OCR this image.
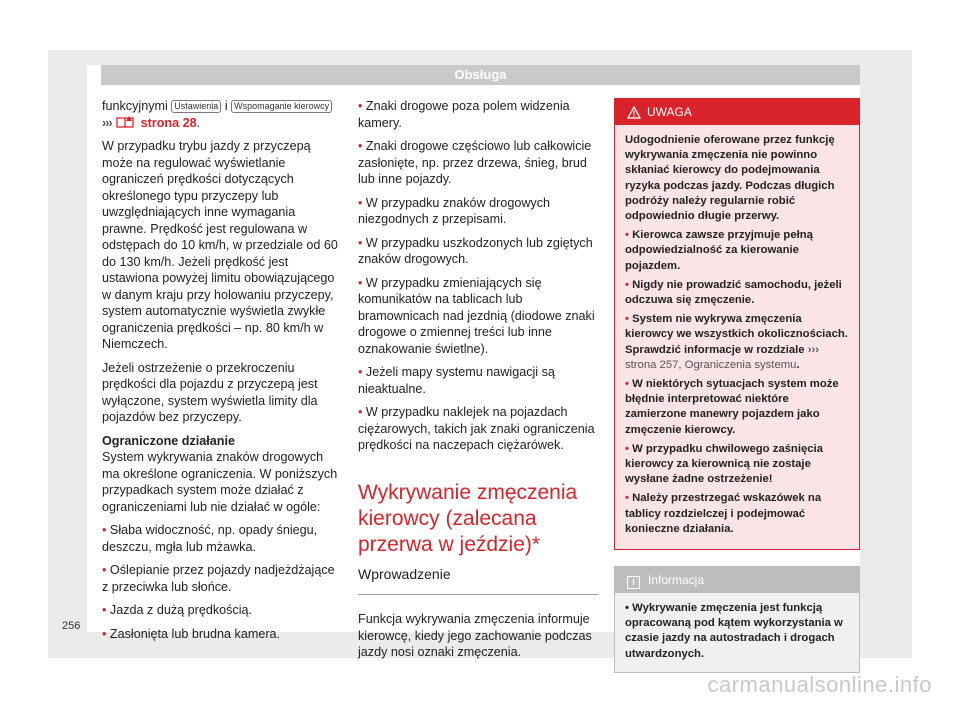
Obsługa

funkcyjnymi Ustawienia i Wspomaganie kierowcy ››› strona 28.

W przypadku trybu jazdy z przyczepą może na regulować wyświetlanie ograniczeń prędkości dotyczących określonego typu przyczepy lub uwzględniających inne wymagania prawne. Prędkość jest regulowana w odstępach do 10 km/h, w przedziale od 60 do 130 km/h. Jeżeli prędkość jest ustawiona powyżej limitu obowiązującego w danym kraju przy holowaniu przyczepy, system automatycznie wyświetla zwykłe ograniczenia prędkości – np. 80 km/h w Niemczech.

Jeżeli ostrzeżenie o przekroczeniu prędkości dla pojazdu z przyczepą jest wyłączone, system wyświetla limity dla pojazdów bez przyczepy.

Ograniczone działanie

System wykrywania znaków drogowych ma określone ograniczenia. W poniższych przypadkach system może działać z ograniczeniami lub nie działać w ogóle:

• Słaba widoczność, np. opady śniegu, deszczu, mgła lub mżawka.

• Oślepianie przez pojazdy nadjeżdżające z przeciwka lub słońce.

• Jazda z dużą prędkością.

• Zasłonięta lub brudna kamera.

• Znaki drogowe poza polem widzenia kamery.

• Znaki drogowe częściowo lub całkowicie zasłonięte, np. przez drzewa, śnieg, brud lub inne pojazdy.

• W przypadku znaków drogowych niezgodnych z przepisami.

• W przypadku uszkodzonych lub zgiętych znaków drogowych.

• W przypadku zmieniających się komunikatów na tablicach lub bramownicach nad jezdnią (diodowe znaki drogowe o zmiennej treści lub inne oznakowanie świetlne).

• Jeżeli mapy systemu nawigacji są nieaktualne.

• W przypadku naklejek na pojazdach ciężarowych, takich jak znaki ograniczenia prędkości na naczepach ciężarówek.

Wykrywanie zmęczenia kierowcy (zalecana przerwa w jeździe)*
Wprowadzenie

Funkcja wykrywania zmęczenia informuje kierowcę, kiedy jego zachowanie podczas jazdy nosi oznaki zmęczenia.

UWAGA

Udogodnienie oferowane przez funkcję wykrywania zmęczenia nie powinno skłaniać kierowcy do podejmowania ryzyka podczas jazdy. Podczas długich podróży należy regularnie robić odpowiednio długie przerwy.

• Kierowca zawsze przyjmuje pełną odpowiedzialność za kierowanie pojazdem.

• Nigdy nie prowadzić samochodu, jeżeli odczuwa się zmęczenie.

• System nie wykrywa zmęczenia kierowcy we wszystkich okolicznościach. Sprawdzić informacje w rozdziale ››› strona 257, Ograniczenia systemu.

• W niektórych sytuacjach system może błędnie interpretować niektóre zamierzone manewry pojazdem jako zmęczenie kierowcy.

• W przypadku chwilowego zaśnięcia kierowcy za kierownicą nie zostaje wysłane żadne ostrzeżenie!

• Należy przestrzegać wskazówek na tablicy rozdzielczej i podejmować konieczne działania.

i Informacja

• Wykrywanie zmęczenia jest funkcją opracowaną pod kątem wykorzystania w czasie jazdy na autostradach i drogach utwardzonych.

256
carmanualsonline.info
